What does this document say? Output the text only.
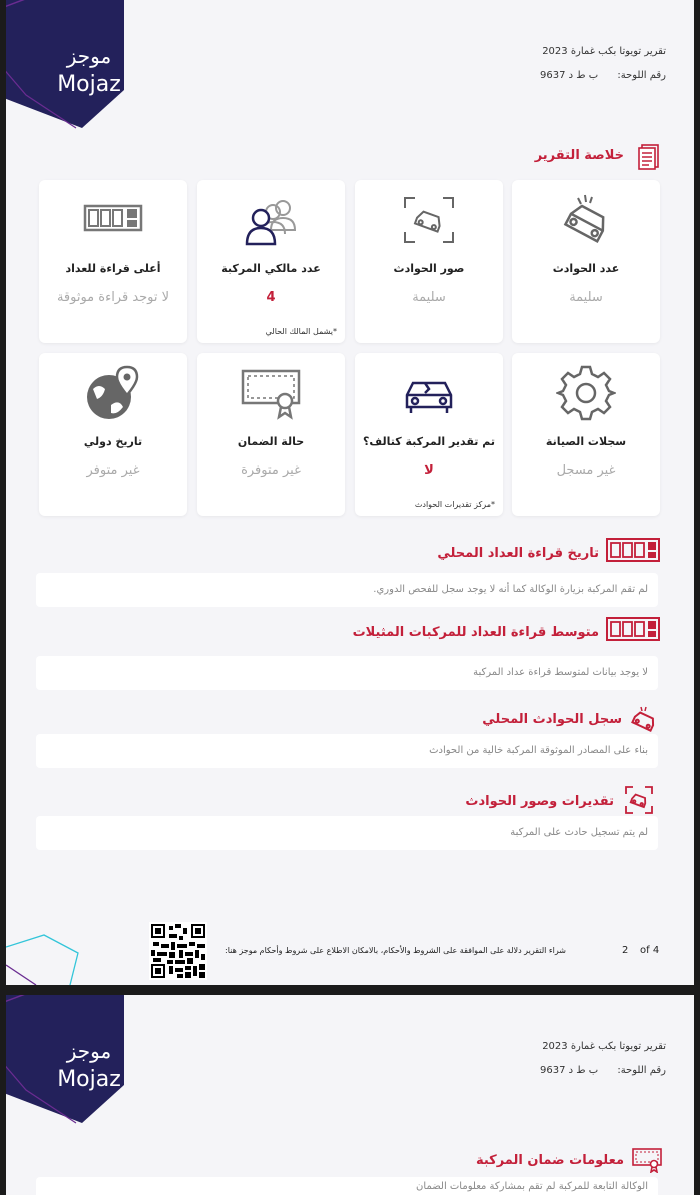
موجز
Mojaz
تقرير تويوتا بكب غمارة 2023
رقم اللوحة: ب ط د 9637
خلاصة التقرير
عدد الحوادث
سليمة
صور الحوادث
سليمة
عدد مالكي المركبة
4
*يشمل المالك الحالي
أعلى قراءة للعداد
لا توجد قراءة موثوقة
سجلات الصيانة
غير مسجل
تم تقدير المركبة كتالف؟
لا
*مركز تقديرات الحوادث
حالة الضمان
غير متوفرة
تاريخ دولي
غير متوفر
تاريخ قراءة العداد المحلي
لم تقم المركبة بزيارة الوكالة كما أنه لا يوجد سجل للفحص الدوري.
متوسط قراءة العداد للمركبات المثيلات
لا يوجد بيانات لمتوسط قراءة عداد المركبة
سجل الحوادث المحلي
بناء على المصادر الموثوقة المركبة خالية من الحوادث
تقديرات وصور الحوادث
لم يتم تسجيل حادث على المركبة
شراء التقرير دلالة على الموافقة على الشروط والأحكام، بالامكان الاطلاع على شروط وأحكام موجز هنا:	2 of 4
موجز
Mojaz
تقرير تويوتا بكب غمارة 2023
رقم اللوحة: ب ط د 9637
معلومات ضمان المركبة
الوكالة التابعة للمركبة لم تقم بمشاركة معلومات الضمان
